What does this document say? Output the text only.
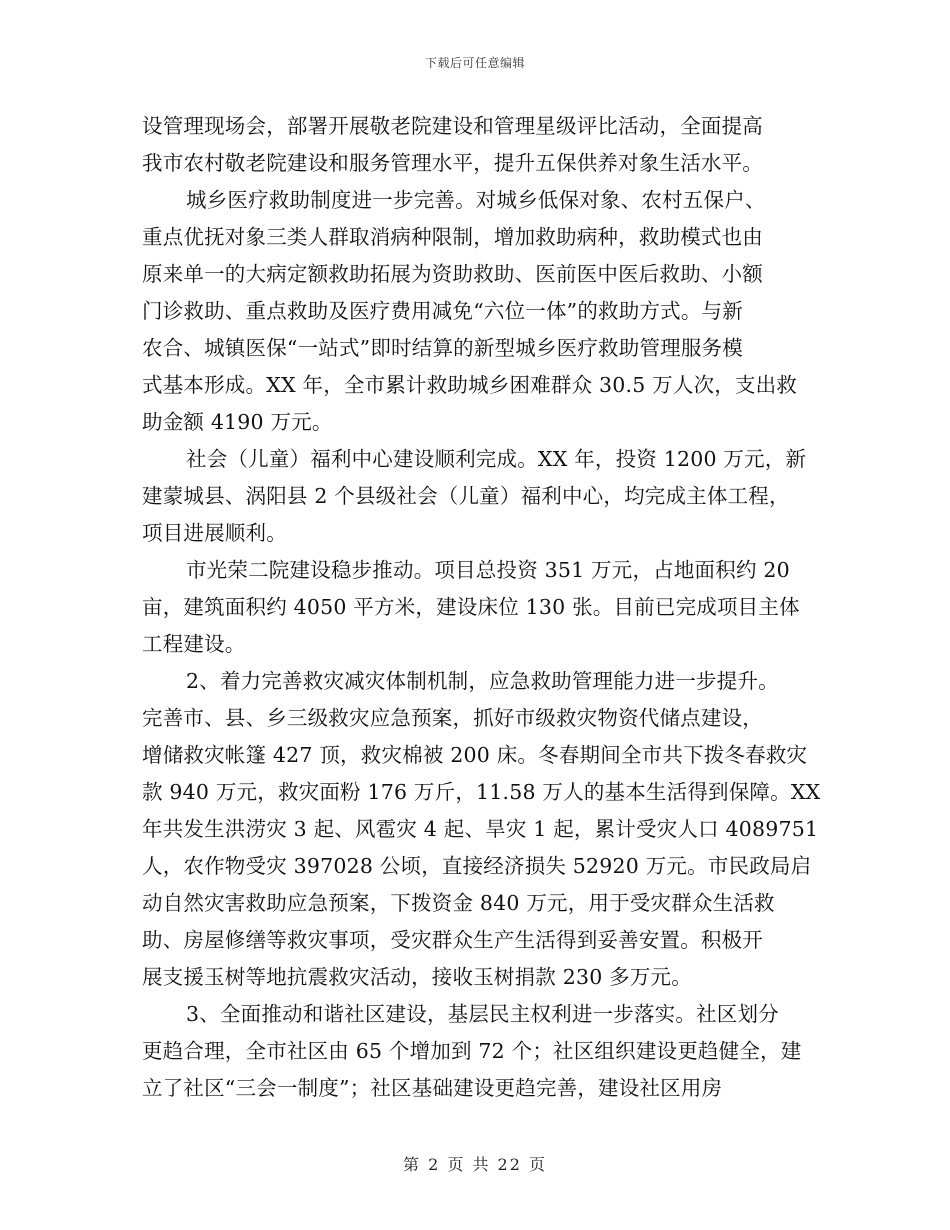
下载后可任意编辑
设管理现场会，部署开展敬老院建设和管理星级评比活动，全面提高
我市农村敬老院建设和服务管理水平，提升五保供养对象生活水平。
城乡医疗救助制度进一步完善。对城乡低保对象、农村五保户、
重点优抚对象三类人群取消病种限制，增加救助病种，救助模式也由
原来单一的大病定额救助拓展为资助救助、医前医中医后救助、小额
门诊救助、重点救助及医疗费用减免“六位一体”的救助方式。与新
农合、城镇医保“一站式”即时结算的新型城乡医疗救助管理服务模
式基本形成。XX 年，全市累计救助城乡困难群众 30.5 万人次，支出救
助金额 4190 万元。
社会（儿童）福利中心建设顺利完成。XX 年，投资 1200 万元，新
建蒙城县、涡阳县 2 个县级社会（儿童）福利中心，均完成主体工程，
项目进展顺利。
市光荣二院建设稳步推动。项目总投资 351 万元，占地面积约 20
亩，建筑面积约 4050 平方米，建设床位 130 张。目前已完成项目主体
工程建设。
2、着力完善救灾减灾体制机制，应急救助管理能力进一步提升。
完善市、县、乡三级救灾应急预案，抓好市级救灾物资代储点建设，
增储救灾帐篷 427 顶，救灾棉被 200 床。冬春期间全市共下拨冬春救灾
款 940 万元，救灾面粉 176 万斤，11.58 万人的基本生活得到保障。XX
年共发生洪涝灾 3 起、风雹灾 4 起、旱灾 1 起，累计受灾人口 4089751
人，农作物受灾 397028 公顷，直接经济损失 52920 万元。市民政局启
动自然灾害救助应急预案，下拨资金 840 万元，用于受灾群众生活救
助、房屋修缮等救灾事项，受灾群众生产生活得到妥善安置。积极开
展支援玉树等地抗震救灾活动，接收玉树捐款 230 多万元。
3、全面推动和谐社区建设，基层民主权利进一步落实。社区划分
更趋合理，全市社区由 65 个增加到 72 个；社区组织建设更趋健全，建
立了社区“三会一制度”；社区基础建设更趋完善，建设社区用房
第 2 页 共 22 页
